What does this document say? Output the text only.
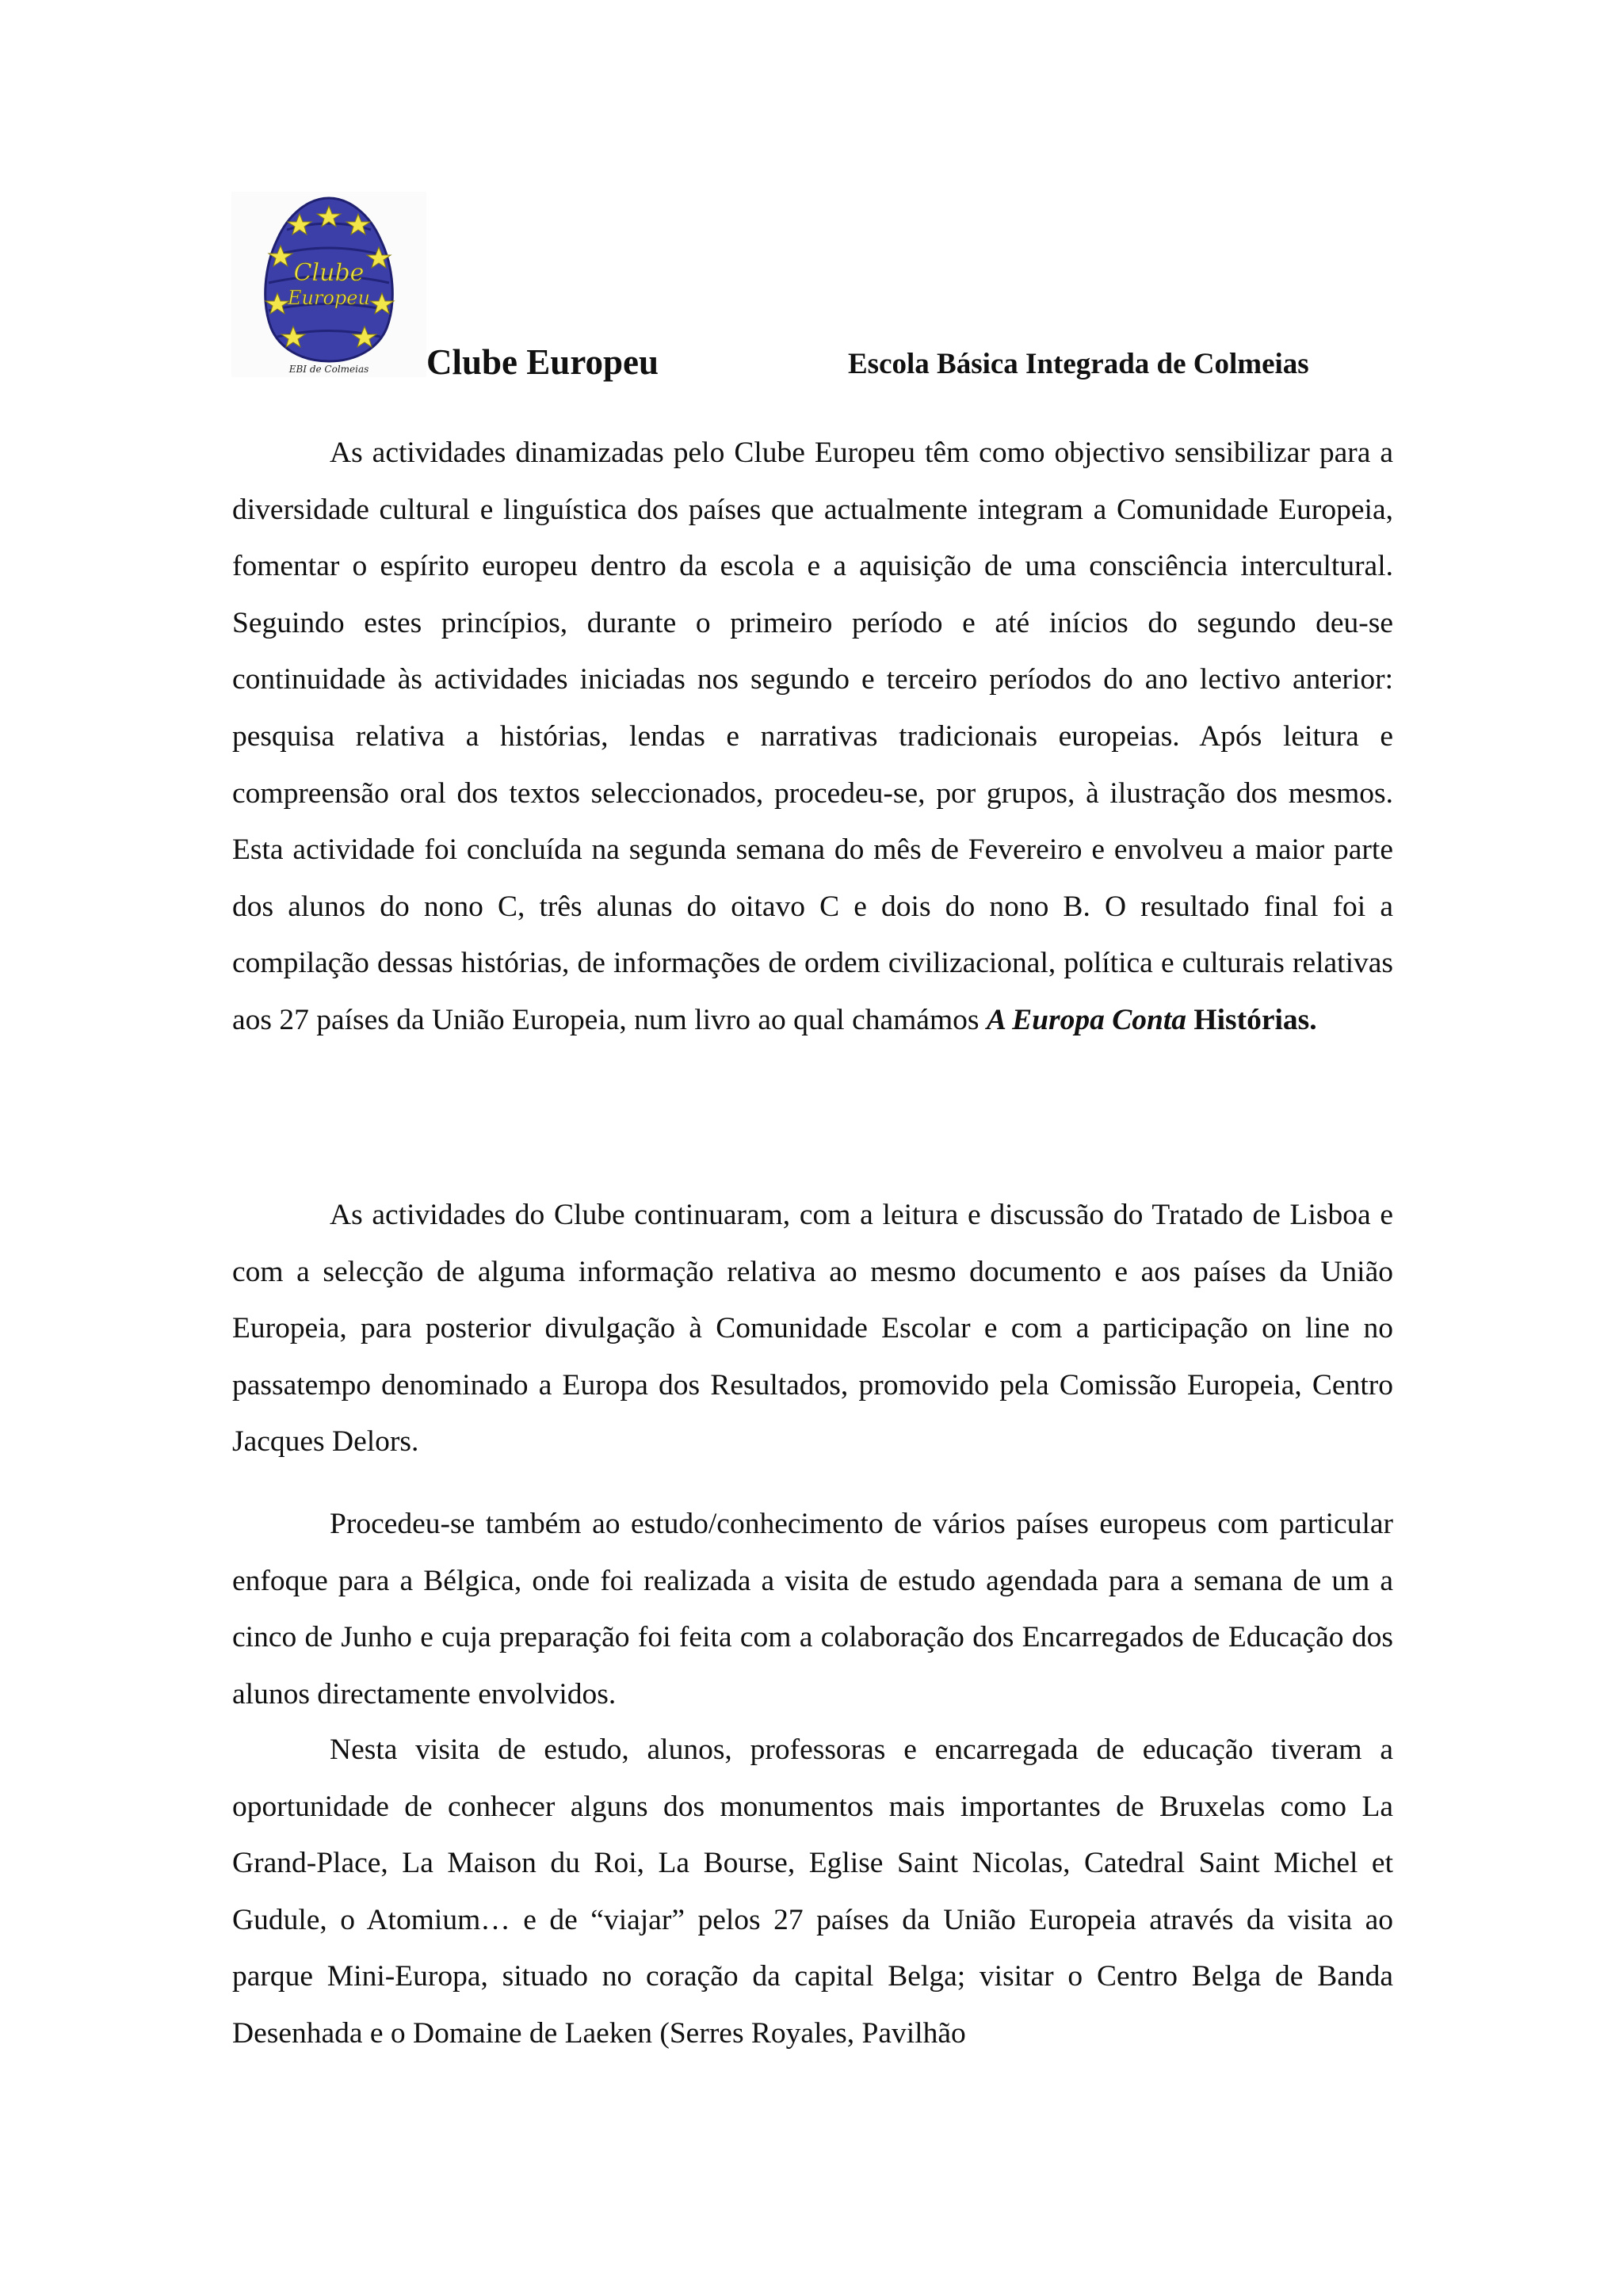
Clube
Europeu
EBI de Colmeias Clube Europeu	Escola Básica Integrada de Colmeias

As actividades dinamizadas pelo Clube Europeu têm como objectivo sensibilizar para a diversidade cultural e linguística dos países que actualmente integram a Comunidade Europeia, fomentar o espírito europeu dentro da escola e a aquisição de uma consciência intercultural. Seguindo estes princípios, durante o primeiro período e até inícios do segundo deu-se continuidade às actividades iniciadas nos segundo e terceiro períodos do ano lectivo anterior: pesquisa relativa a histórias, lendas e narrativas tradicionais europeias. Após leitura e compreensão oral dos textos seleccionados, procedeu-se, por grupos, à ilustração dos mesmos. Esta actividade foi concluída na segunda semana do mês de Fevereiro e envolveu a maior parte dos alunos do nono C, três alunas do oitavo C e dois do nono B. O resultado final foi a compilação dessas histórias, de informações de ordem civilizacional, política e culturais relativas aos 27 países da União Europeia, num livro ao qual chamámos A Europa Conta Histórias.

As actividades do Clube continuaram, com a leitura e discussão do Tratado de Lisboa e com a selecção de alguma informação relativa ao mesmo documento e aos países da União Europeia, para posterior divulgação à Comunidade Escolar e com a participação on line no passatempo denominado a Europa dos Resultados, promovido pela Comissão Europeia, Centro Jacques Delors.

Procedeu-se também ao estudo/conhecimento de vários países europeus com particular enfoque para a Bélgica, onde foi realizada a visita de estudo agendada para a semana de um a cinco de Junho e cuja preparação foi feita com a colaboração dos Encarregados de Educação dos alunos directamente envolvidos.

Nesta visita de estudo, alunos, professoras e encarregada de educação tiveram a oportunidade de conhecer alguns dos monumentos mais importantes de Bruxelas como La Grand-Place, La Maison du Roi, La Bourse, Eglise Saint Nicolas, Catedral Saint Michel et Gudule, o Atomium… e de “viajar” pelos 27 países da União Europeia através da visita ao parque Mini-Europa, situado no coração da capital Belga; visitar o Centro Belga de Banda Desenhada e o Domaine de Laeken (Serres Royales, Pavilhão
